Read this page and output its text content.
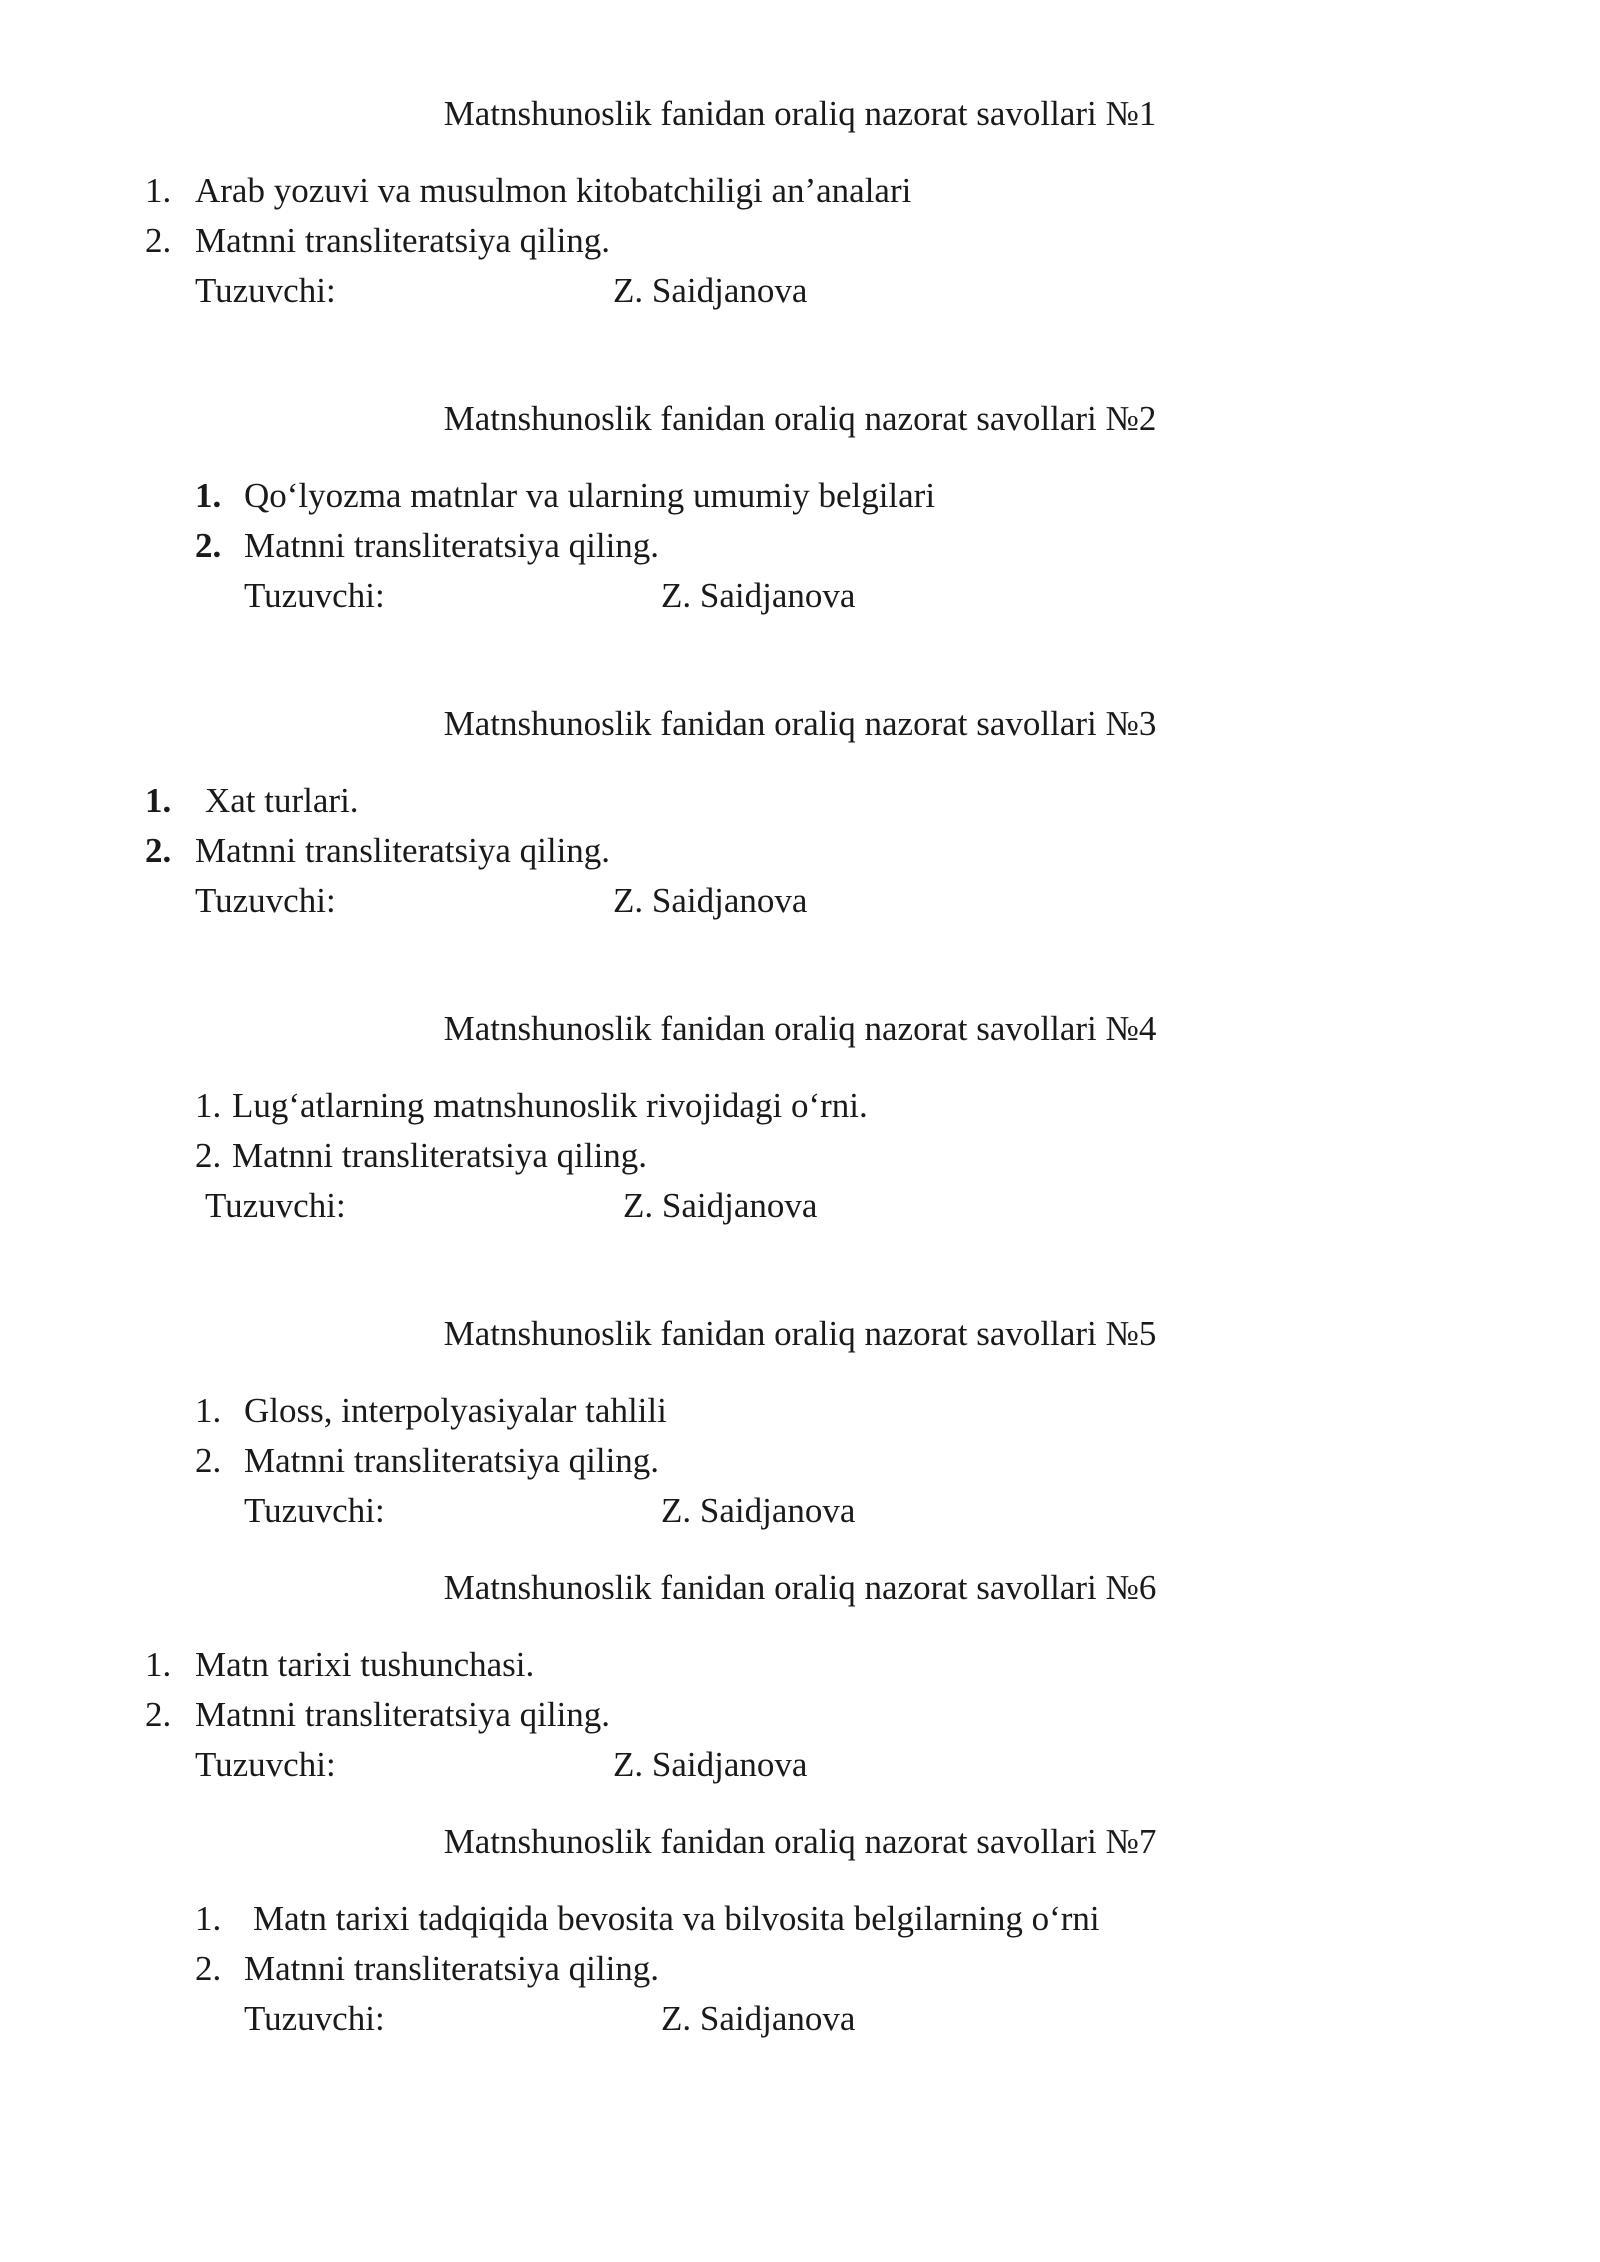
Matnshunoslik fanidan oraliq nazorat savollari №1
1. Arab yozuvi va musulmon kitobatchiligi an’analari
2. Matnni transliteratsiya qiling.
Tuzuvchi:	Z. Saidjanova
Matnshunoslik fanidan oraliq nazorat savollari №2
1. Qo‘lyozma matnlar va ularning umumiy belgilari
2. Matnni transliteratsiya qiling.
Tuzuvchi:	Z. Saidjanova
Matnshunoslik fanidan oraliq nazorat savollari №3
1. Xat turlari.
2. Matnni transliteratsiya qiling.
Tuzuvchi:	Z. Saidjanova
Matnshunoslik fanidan oraliq nazorat savollari №4
1. Lug‘atlarning matnshunoslik rivojidagi o‘rni.
2. Matnni transliteratsiya qiling.
Tuzuvchi:	Z. Saidjanova
Matnshunoslik fanidan oraliq nazorat savollari №5
1. Gloss, interpolyasiyalar tahlili
2. Matnni transliteratsiya qiling.
Tuzuvchi:	Z. Saidjanova
Matnshunoslik fanidan oraliq nazorat savollari №6
1. Matn tarixi tushunchasi.
2. Matnni transliteratsiya qiling.
Tuzuvchi:	Z. Saidjanova
Matnshunoslik fanidan oraliq nazorat savollari №7
1. Matn tarixi tadqiqida bevosita va bilvosita belgilarning o‘rni
2. Matnni transliteratsiya qiling.
Tuzuvchi:	Z. Saidjanova
